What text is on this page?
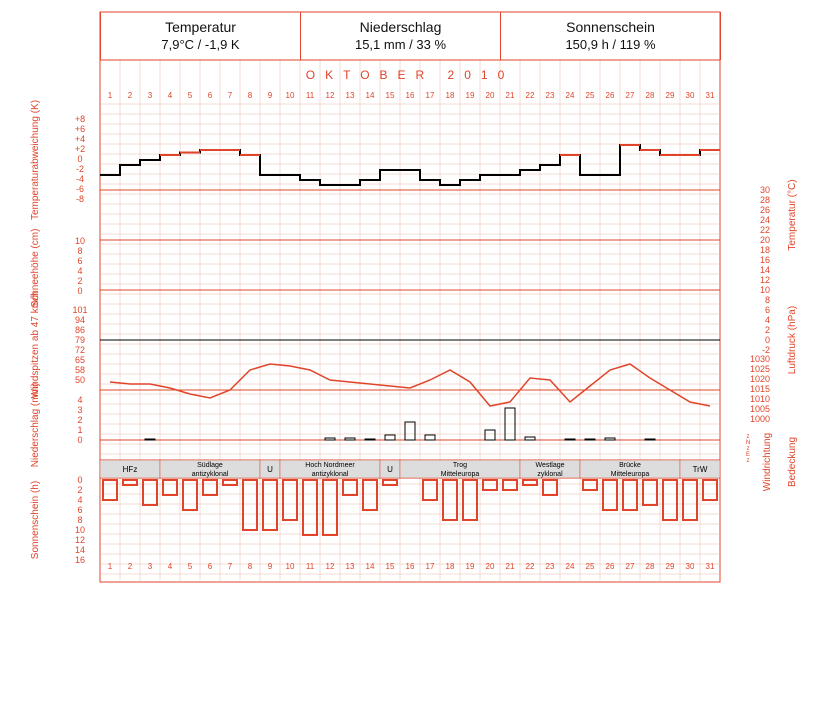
Temperatur
7,9°C / -1,9 K
Niederschlag
15,1 mm / 33 %
Sonnenschein
150,9 h / 119 %
OKTOBER 2010
1
1
2
2
3
3
4
4
5
5
6
6
7
7
8
8
9
9
10
10
11
11
12
12
13
13
14
14
15
15
16
16
17
17
18
18
19
19
20
20
21
21
22
22
23
23
24
24
25
25
26
26
27
27
28
28
29
29
30
30
31
31
+8
+6
+4
+2
0
-2
-4
-6
-8
30
28
26
24
22
20
18
16
14
12
10
8
6
4
2
0
-2
10
8
6
4
2
0
101
94
86
79
72
65
58
50
1030
1025
1020
1015
1010
1005
1000
4
3
2
1
0	z
N
z
E
z
0
2
4
6
8
10
12
14
16
HFz	Südlage
antizyklonal
U	Hoch Nordmeer
antizyklonal
U	Trog
Mitteleuropa
Westlage
zyklonal
Brücke
Mitteleuropa
TrW
Temperaturabweichung (K)
Schneehöhe (cm)
Windspitzen ab 47 km/h
Niederschlag (mm)
Sonnenschein (h)
Temperatur (°C)
Luftdruck (hPa)
Windrichtung Bedeckung
